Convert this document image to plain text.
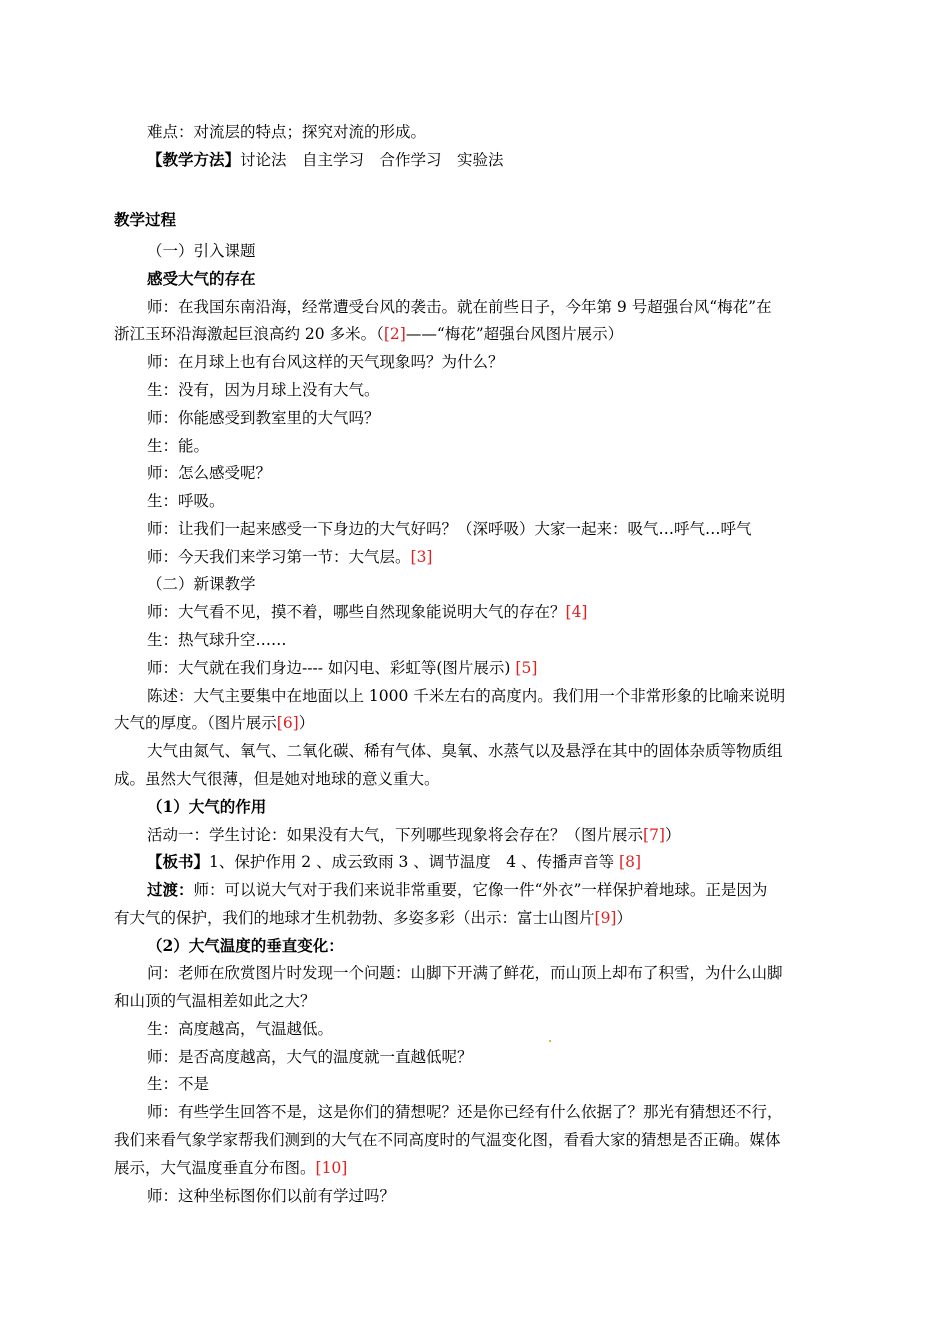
难点：对流层的特点；探究对流的形成。
【教学方法】讨论法　自主学习　合作学习　实验法
教学过程
（一）引入课题
感受大气的存在
师：在我国东南沿海，经常遭受台风的袭击。就在前些日子，今年第 9 号超强台风“梅花”在
浙江玉环沿海激起巨浪高约 20 多米。（[2]——“梅花”超强台风图片展示）
师：在月球上也有台风这样的天气现象吗？为什么？
生：没有，因为月球上没有大气。
师：你能感受到教室里的大气吗？
生：能。
师：怎么感受呢？
生：呼吸。
师：让我们一起来感受一下身边的大气好吗？（深呼吸）大家一起来：吸气…呼气…呼气
师：今天我们来学习第一节：大气层。[3]
（二）新课教学
师：大气看不见，摸不着，哪些自然现象能说明大气的存在？[4]
生：热气球升空……
师：大气就在我们身边---- 如闪电、彩虹等(图片展示) [5]
陈述：大气主要集中在地面以上 1000 千米左右的高度内。我们用一个非常形象的比喻来说明
大气的厚度。（图片展示[6]）
大气由氮气、氧气、二氧化碳、稀有气体、臭氧、水蒸气以及悬浮在其中的固体杂质等物质组
成。虽然大气很薄，但是她对地球的意义重大。
（1）大气的作用
活动一：学生讨论：如果没有大气，下列哪些现象将会存在？（图片展示[7]）
【板书】1、保护作用 2 、成云致雨 3 、调节温度　4 、传播声音等 [8]
过渡：师：可以说大气对于我们来说非常重要，它像一件“外衣”一样保护着地球。正是因为
有大气的保护，我们的地球才生机勃勃、多姿多彩（出示：富士山图片[9]）
（2）大气温度的垂直变化：
问：老师在欣赏图片时发现一个问题：山脚下开满了鲜花，而山顶上却布了积雪，为什么山脚
和山顶的气温相差如此之大？
生：高度越高，气温越低。
师：是否高度越高，大气的温度就一直越低呢？
生：不是
师：有些学生回答不是，这是你们的猜想呢？还是你已经有什么依据了？那光有猜想还不行，
我们来看气象学家帮我们测到的大气在不同高度时的气温变化图，看看大家的猜想是否正确。媒体
展示，大气温度垂直分布图。[10]
师：这种坐标图你们以前有学过吗？
